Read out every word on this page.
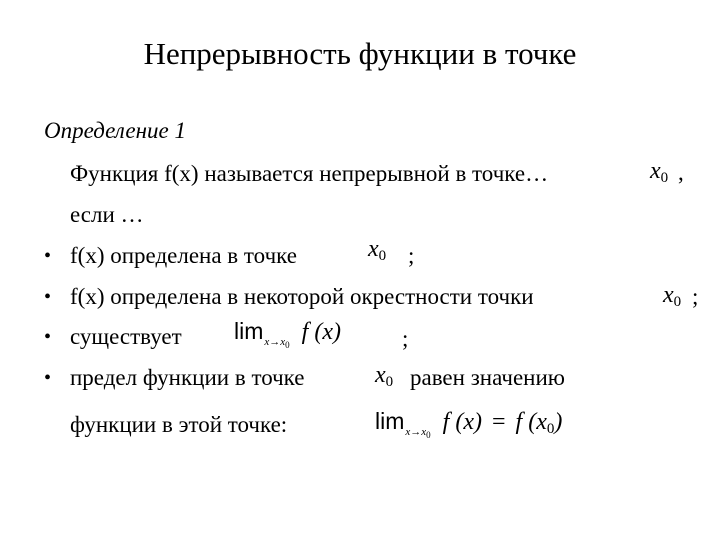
Непрерывность функции в точке
Определение 1
Функция f(x) называется непрерывной в точке…	$x_0$ ,
если …
• f(x) определена в точке	$x_0$ ;
• f(x) определена в некоторой окрестности точки	$x_0$ ;
• существует $\lim_{x\to x_0} f$ (x)	;
• предел функции в точке	$x_0$ равен значению
функции в этой точке:	$\lim_{x\to x_0} f$ (x) = f $(x_0)$
